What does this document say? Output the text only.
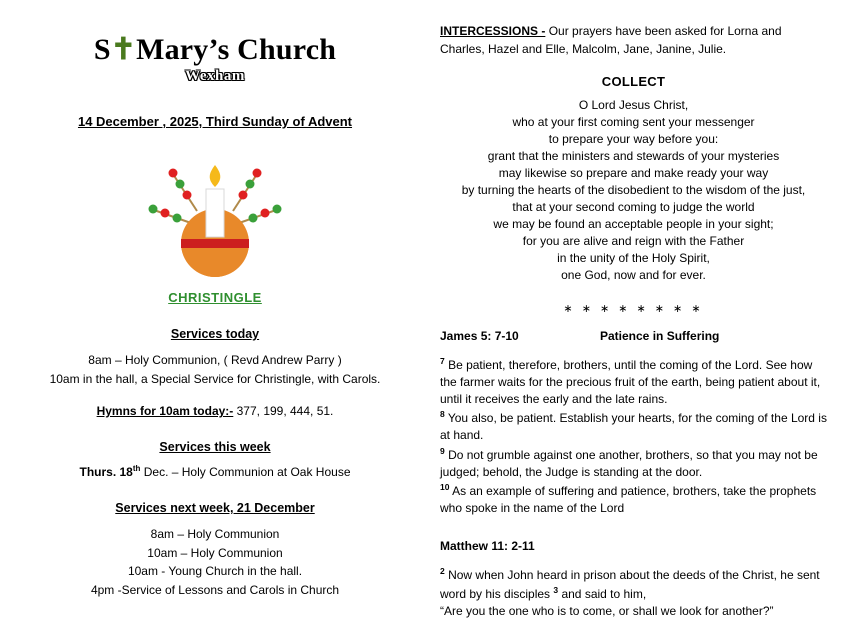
S✝Mary’s Church
Wexham
14 December , 2025, Third Sunday of Advent
CHRISTINGLE
Services today
8am – Holy Communion, ( Revd Andrew Parry )
10am in the hall, a Special Service for Christingle, with Carols.
Hymns for 10am today:- 377, 199, 444, 51.
Services this week
Thurs. 18th Dec. – Holy Communion at Oak House
Services next week, 21 December
8am – Holy Communion
10am – Holy Communion
10am - Young Church in the hall.
4pm -Service of Lessons and Carols in Church
INTERCESSIONS - Our prayers have been asked for Lorna and Charles, Hazel and Elle, Malcolm, Jane, Janine, Julie.
COLLECT
O Lord Jesus Christ,
who at your first coming sent your messenger
to prepare your way before you:
grant that the ministers and stewards of your mysteries
may likewise so prepare and make ready your way
by turning the hearts of the disobedient to the wisdom of the just,
that at your second coming to judge the world
we may be found an acceptable people in your sight;
for you are alive and reign with the Father
in the unity of the Holy Spirit,
one God, now and for ever.
∗ ∗ ∗ ∗ ∗ ∗ ∗ ∗
James 5: 7-10	Patience in Suffering
$^7$ Be patient, therefore, brothers, until the coming of the Lord. See how the farmer waits for the precious fruit of the earth, being patient about it, until it receives the early and the late rains.
$^8$ You also, be patient. Establish your hearts, for the coming of the Lord is at hand.
$^9$ Do not grumble against one another, brothers, so that you may not be judged; behold, the Judge is standing at the door.
$^{10}$ As an example of suffering and patience, brothers, take the prophets who spoke in the name of the Lord
Matthew 11: 2-11
$^2$ Now when John heard in prison about the deeds of the Christ, he sent word by his disciples $^3$ and said to him,
“Are you the one who is to come, or shall we look for another?”
